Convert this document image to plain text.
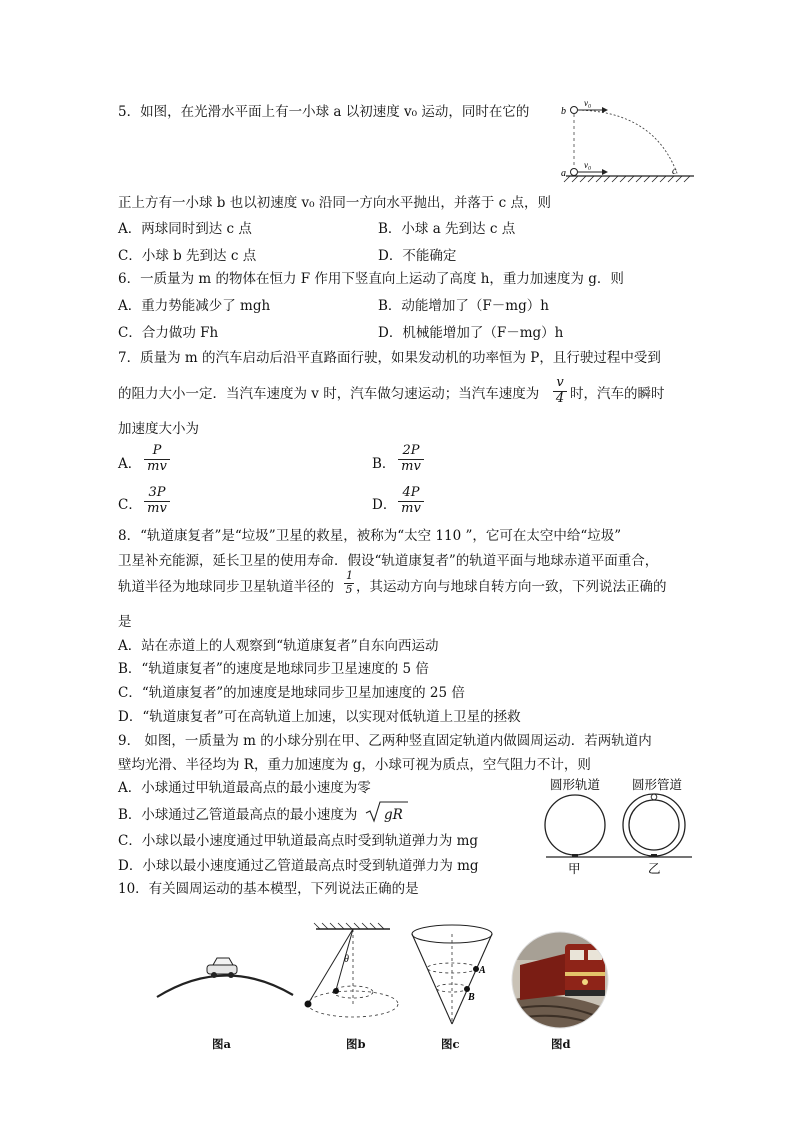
5．如图，在光滑水平面上有一小球 a 以初速度 v₀ 运动，同时在它的	b
a	c
v₀
v₀
正上方有一小球 b 也以初速度 v₀ 沿同一方向水平抛出，并落于 c 点，则
A．两球同时到达 c 点	B．小球 a 先到达 c 点
C．小球 b 先到达 c 点	D．不能确定
6．一质量为 m 的物体在恒力 F 作用下竖直向上运动了高度 h，重力加速度为 g．则
A．重力势能减少了 mgh	B．动能增加了（F－mg）h
C．合力做功 Fh	D．机械能增加了（F－mg）h
7．质量为 m 的汽车启动后沿平直路面行驶，如果发动机的功率恒为 P，且行驶过程中受到
的阻力大小一定．当汽车速度为 v 时，汽车做匀速运动；当汽车速度为 $\frac{v}{4}$ 时，汽车的瞬时
加速度大小为
A． $\frac{P}{mv}$	B． $\frac{2P}{mv}$
C． $\frac{3P}{mv}$	D． $\frac{4P}{mv}$
8．“轨道康复者”是“垃圾”卫星的救星，被称为“太空 110 ”，它可在太空中给“垃圾”
卫星补充能源，延长卫星的使用寿命．假设“轨道康复者”的轨道平面与地球赤道平面重合，
轨道半径为地球同步卫星轨道半径的 $\frac{1}{5}$ ，其运动方向与地球自转方向一致，下列说法正确的
是
A．站在赤道上的人观察到“轨道康复者”自东向西运动
B．“轨道康复者”的速度是地球同步卫星速度的 5 倍
C．“轨道康复者”的加速度是地球同步卫星加速度的 25 倍
D．“轨道康复者”可在高轨道上加速，以实现对低轨道上卫星的拯救
9． 如图，一质量为 m 的小球分别在甲、乙两种竖直固定轨道内做圆周运动．若两轨道内
壁均光滑、半径均为 R，重力加速度为 g，小球可视为质点，空气阻力不计，则
A．小球通过甲轨道最高点的最小速度为零
B．小球通过乙管道最高点的最小速度为 gR
C．小球以最小速度通过甲轨道最高点时受到轨道弹力为 mg
D．小球以最小速度通过乙管道最高点时受到轨道弹力为 mg
圆形轨道	圆形管道
甲	乙
10．有关圆周运动的基本模型，下列说法正确的是
图a
θ
图b
A
B
图c	图d
